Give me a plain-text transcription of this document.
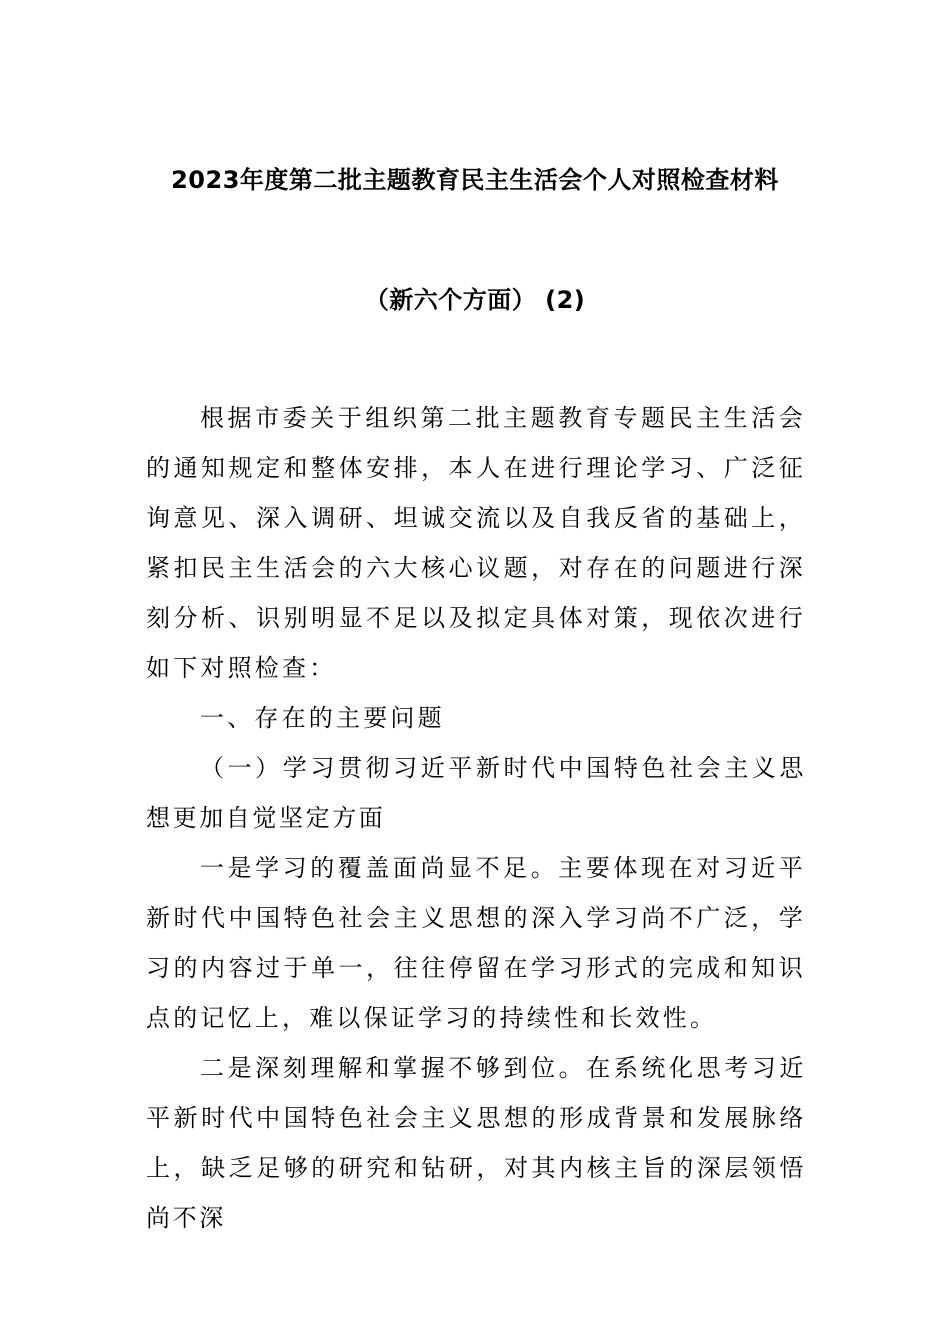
2023年度第二批主题教育民主生活会个人对照检查材料
（新六个方面） (2)

根据市委关于组织第二批主题教育专题民主生活会的通知规定和整体安排，本人在进行理论学习、广泛征询意见、深入调研、坦诚交流以及自我反省的基础上，紧扣民主生活会的六大核心议题，对存在的问题进行深刻分析、识别明显不足以及拟定具体对策，现依次进行如下对照检查：

一、存在的主要问题

（一）学习贯彻习近平新时代中国特色社会主义思想更加自觉坚定方面

一是学习的覆盖面尚显不足。主要体现在对习近平新时代中国特色社会主义思想的深入学习尚不广泛，学习的内容过于单一，往往停留在学习形式的完成和知识点的记忆上，难以保证学习的持续性和长效性。

二是深刻理解和掌握不够到位。在系统化思考习近平新时代中国特色社会主义思想的形成背景和发展脉络上，缺乏足够的研究和钻研，对其内核主旨的深层领悟尚不深
